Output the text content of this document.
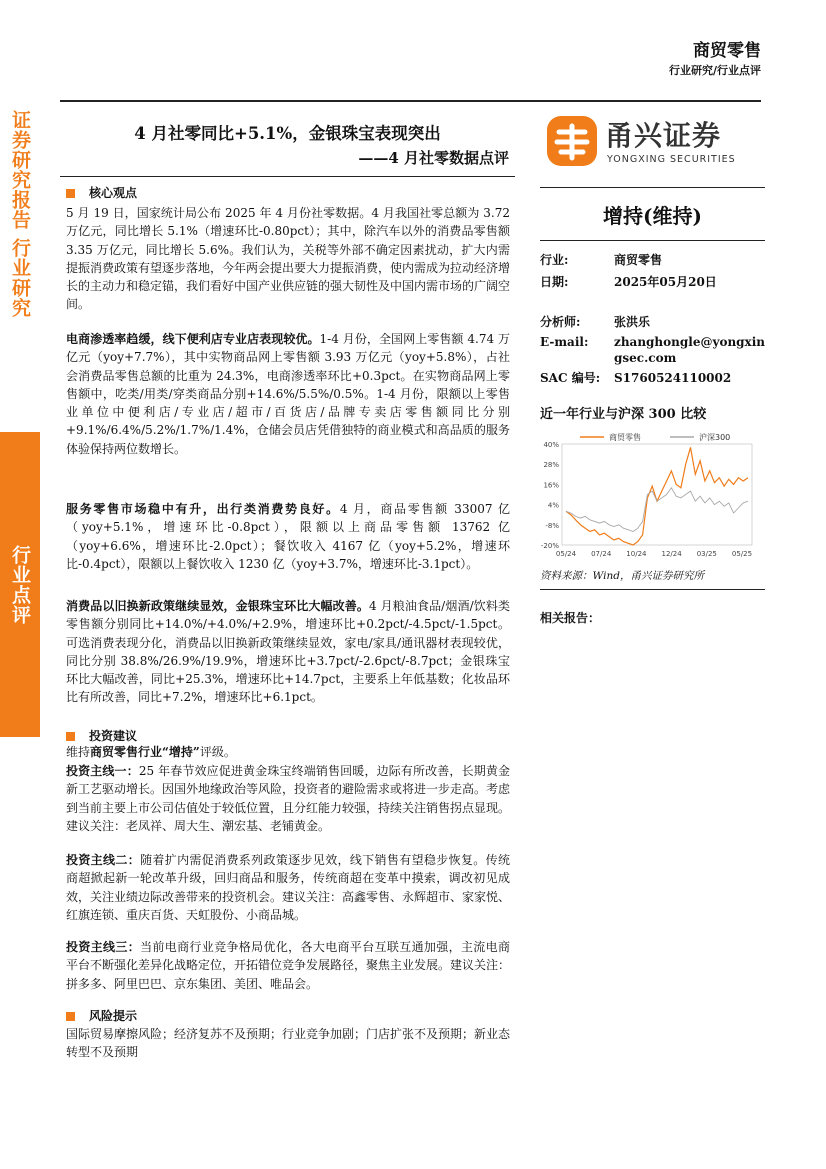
商贸零售
行业研究/行业点评
证券研究报告 行业研究
行业点评
4 月社零同比+5.1%，金银珠宝表现突出
——4 月社零数据点评
甬兴证券
YONGXING SECURITIES
增持(维持)
行业:	商贸零售
日期:	2025年05月20日
分析师:	张洪乐
E-mail: zhanghongle@yongxin
gsec.com
SAC 编号: S1760524110002
近一年行业与沪深 300 比较
40%
28%
16%
4%
-8%
-20%
05/24 07/24 10/24 12/24 03/25 05/25
商贸零售	沪深300
资料来源：Wind，甬兴证券研究所
相关报告：
核心观点

5 月 19 日，国家统计局公布 2025 年 4 月份社零数据。4 月我国社零总额为 3.72 万亿元，同比增长 5.1%（增速环比-0.80pct）；其中，除汽车以外的消费品零售额 3.35 万亿元，同比增长 5.6%。我们认为，关税等外部不确定因素扰动，扩大内需提振消费政策有望逐步落地，今年两会提出要大力提振消费，使内需成为拉动经济增长的主动力和稳定锚，我们看好中国产业供应链的强大韧性及中国内需市场的广阔空间。

电商渗透率趋缓，线下便利店专业店表现较优。1-4 月份，全国网上零售额 4.74 万亿元（yoy+7.7%），其中实物商品网上零售额 3.93 万亿元（yoy+5.8%），占社会消费品零售总额的比重为 24.3%，电商渗透率环比+0.3pct。在实物商品网上零售额中，吃类/用类/穿类商品分别+14.6%/5.5%/0.5%。1-4 月份，限额以上零售业单位中便利店/专业店/超市/百货店/品牌专卖店零售额同比分别+9.1%/6.4%/5.2%/1.7%/1.4%，仓储会员店凭借独特的商业模式和高品质的服务体验保持两位数增长。

服务零售市场稳中有升，出行类消费势良好。4 月，商品零售额 33007 亿（yoy+5.1%，增速环比-0.8pct），限额以上商品零售额 13762 亿（yoy+6.6%，增速环比-2.0pct）；餐饮收入 4167 亿（yoy+5.2%，增速环比-0.4pct），限额以上餐饮收入 1230 亿（yoy+3.7%，增速环比-3.1pct）。

消费品以旧换新政策继续显效，金银珠宝环比大幅改善。4 月粮油食品/烟酒/饮料类零售额分别同比+14.0%/+4.0%/+2.9%，增速环比+0.2pct/-4.5pct/-1.5pct。可选消费表现分化，消费品以旧换新政策继续显效，家电/家具/通讯器材表现较优，同比分别 38.8%/26.9%/19.9%，增速环比+3.7pct/-2.6pct/-8.7pct；金银珠宝环比大幅改善，同比+25.3%，增速环比+14.7pct，主要系上年低基数；化妆品环比有所改善，同比+7.2%，增速环比+6.1pct。

投资建议

维持商贸零售行业“增持”评级。

投资主线一：25 年春节效应促进黄金珠宝终端销售回暖，边际有所改善，长期黄金新工艺驱动增长。因国外地缘政治等风险，投资者的避险需求或将进一步走高。考虑到当前主要上市公司估值处于较低位置，且分红能力较强，持续关注销售拐点显现。建议关注：老凤祥、周大生、潮宏基、老铺黄金。

投资主线二：随着扩内需促消费系列政策逐步见效，线下销售有望稳步恢复。传统商超掀起新一轮改革升级，回归商品和服务，传统商超在变革中摸索，调改初见成效，关注业绩边际改善带来的投资机会。建议关注：高鑫零售、永辉超市、家家悦、红旗连锁、重庆百货、天虹股份、小商品城。

投资主线三：当前电商行业竞争格局优化，各大电商平台互联互通加强，主流电商平台不断强化差异化战略定位，开拓错位竞争发展路径，聚焦主业发展。建议关注：拼多多、阿里巴巴、京东集团、美团、唯品会。

风险提示

国际贸易摩擦风险；经济复苏不及预期；行业竞争加剧；门店扩张不及预期；新业态转型不及预期
